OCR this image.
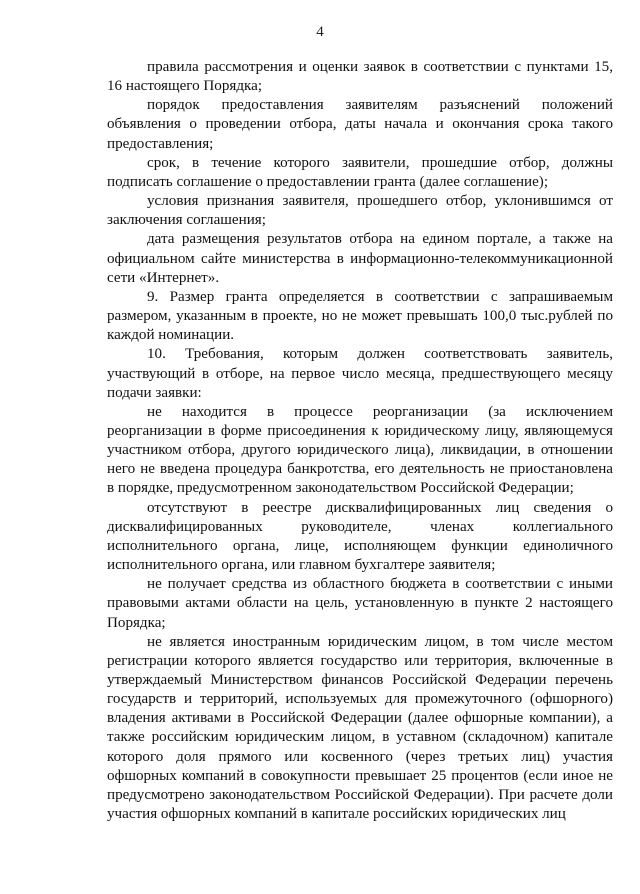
4

правила рассмотрения и оценки заявок в соответствии с пунктами 15, 16 настоящего Порядка;

порядок предоставления заявителям разъяснений положений объявления о проведении отбора, даты начала и окончания срока такого предоставления;

срок, в течение которого заявители, прошедшие отбор, должны подписать соглашение о предоставлении гранта (далее соглашение);

условия признания заявителя, прошедшего отбор, уклонившимся от заключения соглашения;

дата размещения результатов отбора на едином портале, а также на официальном сайте министерства в информационно-телекоммуникационной сети «Интернет».

9. Размер гранта определяется в соответствии с запрашиваемым размером, указанным в проекте, но не может превышать 100,0 тыс.рублей по каждой номинации.

10. Требования, которым должен соответствовать заявитель, участвующий в отборе, на первое число месяца, предшествующего месяцу подачи заявки:

не находится в процессе реорганизации (за исключением реорганизации в форме присоединения к юридическому лицу, являющемуся участником отбора, другого юридического лица), ликвидации, в отношении него не введена процедура банкротства, его деятельность не приостановлена в порядке, предусмотренном законодательством Российской Федерации;

отсутствуют в реестре дисквалифицированных лиц сведения о дисквалифицированных руководителе, членах коллегиального исполнительного органа, лице, исполняющем функции единоличного исполнительного органа, или главном бухгалтере заявителя;

не получает средства из областного бюджета в соответствии с иными правовыми актами области на цель, установленную в пункте 2 настоящего Порядка;

не является иностранным юридическим лицом, в том числе местом регистрации которого является государство или территория, включенные в утверждаемый Министерством финансов Российской Федерации перечень государств и территорий, используемых для промежуточного (офшорного) владения активами в Российской Федерации (далее офшорные компании), а также российским юридическим лицом, в уставном (складочном) капитале которого доля прямого или косвенного (через третьих лиц) участия офшорных компаний в совокупности превышает 25 процентов (если иное не предусмотрено законодательством Российской Федерации). При расчете доли участия офшорных компаний в капитале российских юридических лиц
